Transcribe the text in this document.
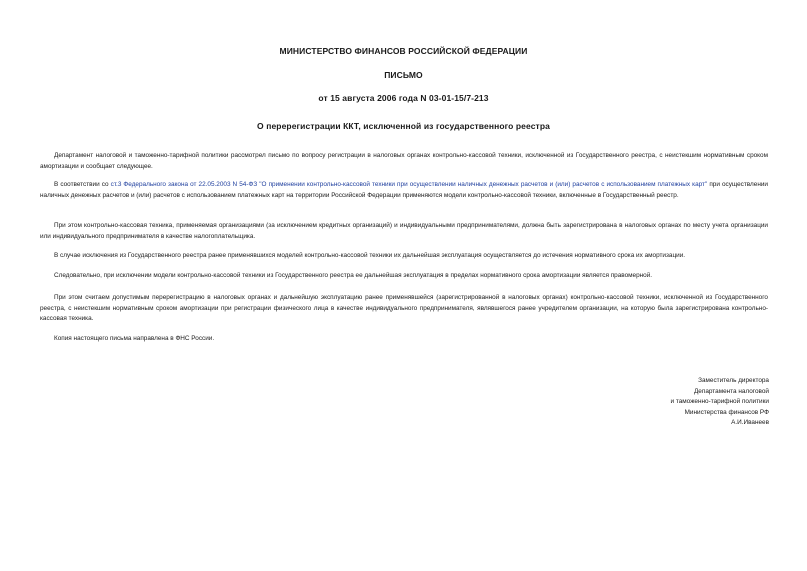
МИНИСТЕРСТВО ФИНАНСОВ РОССИЙСКОЙ ФЕДЕРАЦИИ
ПИСЬМО
от 15 августа 2006 года N 03-01-15/7-213
О перерегистрации ККТ, исключенной из государственного реестра

Департамент налоговой и таможенно-тарифной политики рассмотрел письмо по вопросу регистрации в налоговых органах контрольно-кассовой техники, исключенной из Государственного реестра, с неистекшим нормативным сроком амортизации и сообщает следующее.

В соответствии со ст.3 Федерального закона от 22.05.2003 N 54-ФЗ "О применении контрольно-кассовой техники при осуществлении наличных денежных расчетов и (или) расчетов с использованием платежных карт" при осуществлении наличных денежных расчетов и (или) расчетов с использованием платежных карт на территории Российской Федерации применяются модели контрольно-кассовой техники, включенные в Государственный реестр.

При этом контрольно-кассовая техника, применяемая организациями (за исключением кредитных организаций) и индивидуальными предпринимателями, должна быть зарегистрирована в налоговых органах по месту учета организации или индивидуального предпринимателя в качестве налогоплательщика.

В случае исключения из Государственного реестра ранее применявшихся моделей контрольно-кассовой техники их дальнейшая эксплуатация осуществляется до истечения нормативного срока их амортизации.

Следовательно, при исключении модели контрольно-кассовой техники из Государственного реестра ее дальнейшая эксплуатация в пределах нормативного срока амортизации является правомерной.

При этом считаем допустимым перерегистрацию в налоговых органах и дальнейшую эксплуатацию ранее применявшейся (зарегистрированной в налоговых органах) контрольно-кассовой техники, исключенной из Государственного реестра, с неистекшим нормативным сроком амортизации при регистрации физического лица в качестве индивидуального предпринимателя, являвшегося ранее учредителем организации, на которую была зарегистрирована контрольно-кассовая техника.

Копия настоящего письма направлена в ФНС России.

Заместитель директора
Департамента налоговой
и таможенно-тарифной политики
Министерства финансов РФ
А.И.Иванеев
